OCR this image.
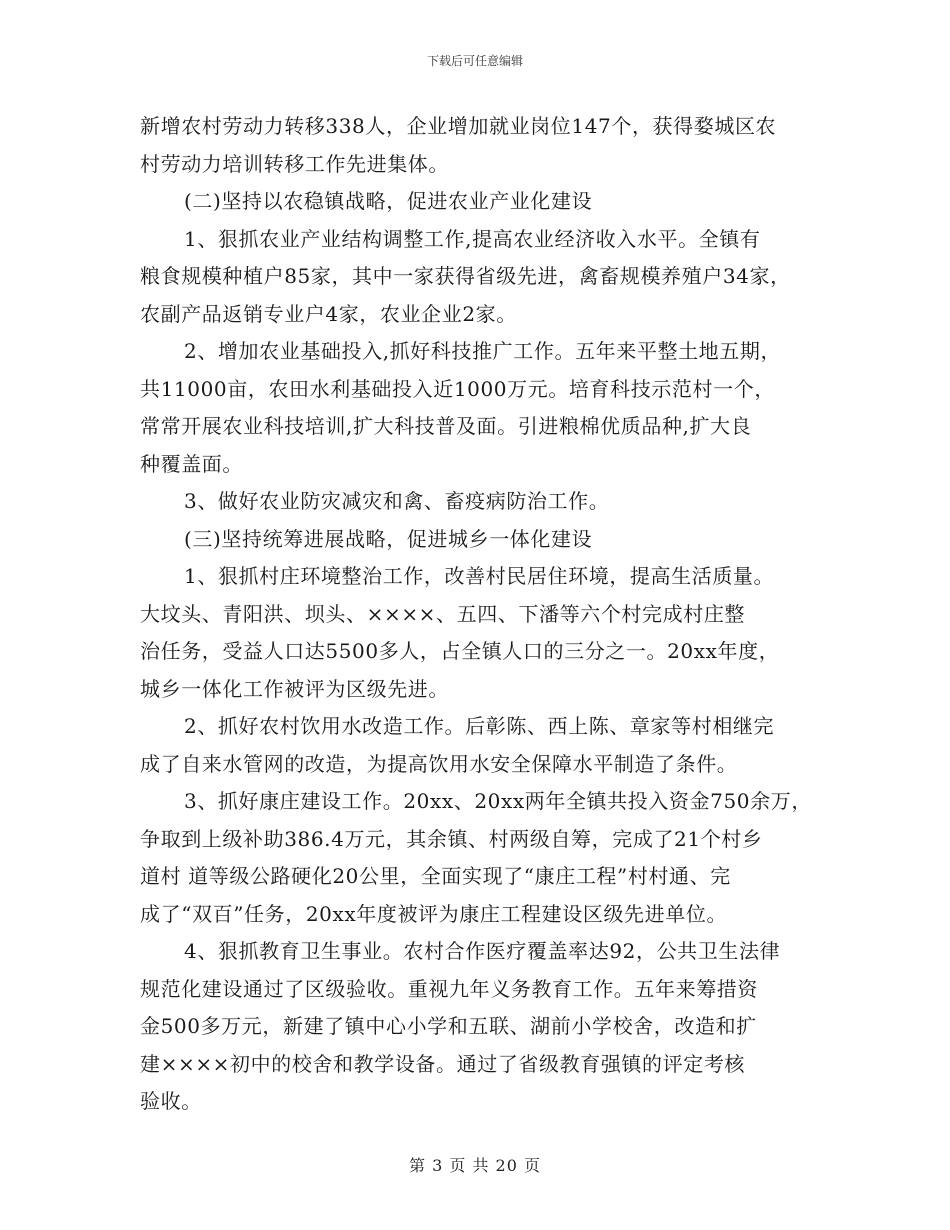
下载后可任意编辑
新增农村劳动力转移338人，企业增加就业岗位147个，获得婺城区农
村劳动力培训转移工作先进集体。
(二)坚持以农稳镇战略，促进农业产业化建设
1、狠抓农业产业结构调整工作,提高农业经济收入水平。全镇有
粮食规模种植户85家，其中一家获得省级先进，禽畜规模养殖户34家，
农副产品返销专业户4家，农业企业2家。
2、增加农业基础投入,抓好科技推广工作。五年来平整土地五期，
共11000亩，农田水利基础投入近1000万元。培育科技示范村一个，
常常开展农业科技培训,扩大科技普及面。引进粮棉优质品种,扩大良
种覆盖面。
3、做好农业防灾减灾和禽、畜疫病防治工作。
(三)坚持统筹进展战略，促进城乡一体化建设
1、狠抓村庄环境整治工作，改善村民居住环境，提高生活质量。
大坟头、青阳洪、坝头、××××、五四、下潘等六个村完成村庄整
治任务，受益人口达5500多人，占全镇人口的三分之一。20xx年度，
城乡一体化工作被评为区级先进。
2、抓好农村饮用水改造工作。后彰陈、西上陈、章家等村相继完
成了自来水管网的改造，为提高饮用水安全保障水平制造了条件。
3、抓好康庄建设工作。20xx、20xx两年全镇共投入资金750余万，
争取到上级补助386.4万元，其余镇、村两级自筹，完成了21个村乡
道村 道等级公路硬化20公里，全面实现了“康庄工程”村村通、完
成了“双百”任务，20xx年度被评为康庄工程建设区级先进单位。
4、狠抓教育卫生事业。农村合作医疗覆盖率达92，公共卫生法律
规范化建设通过了区级验收。重视九年义务教育工作。五年来筹措资
金500多万元，新建了镇中心小学和五联、湖前小学校舍，改造和扩
建××××初中的校舍和教学设备。通过了省级教育强镇的评定考核
验收。
第 3 页 共 20 页
